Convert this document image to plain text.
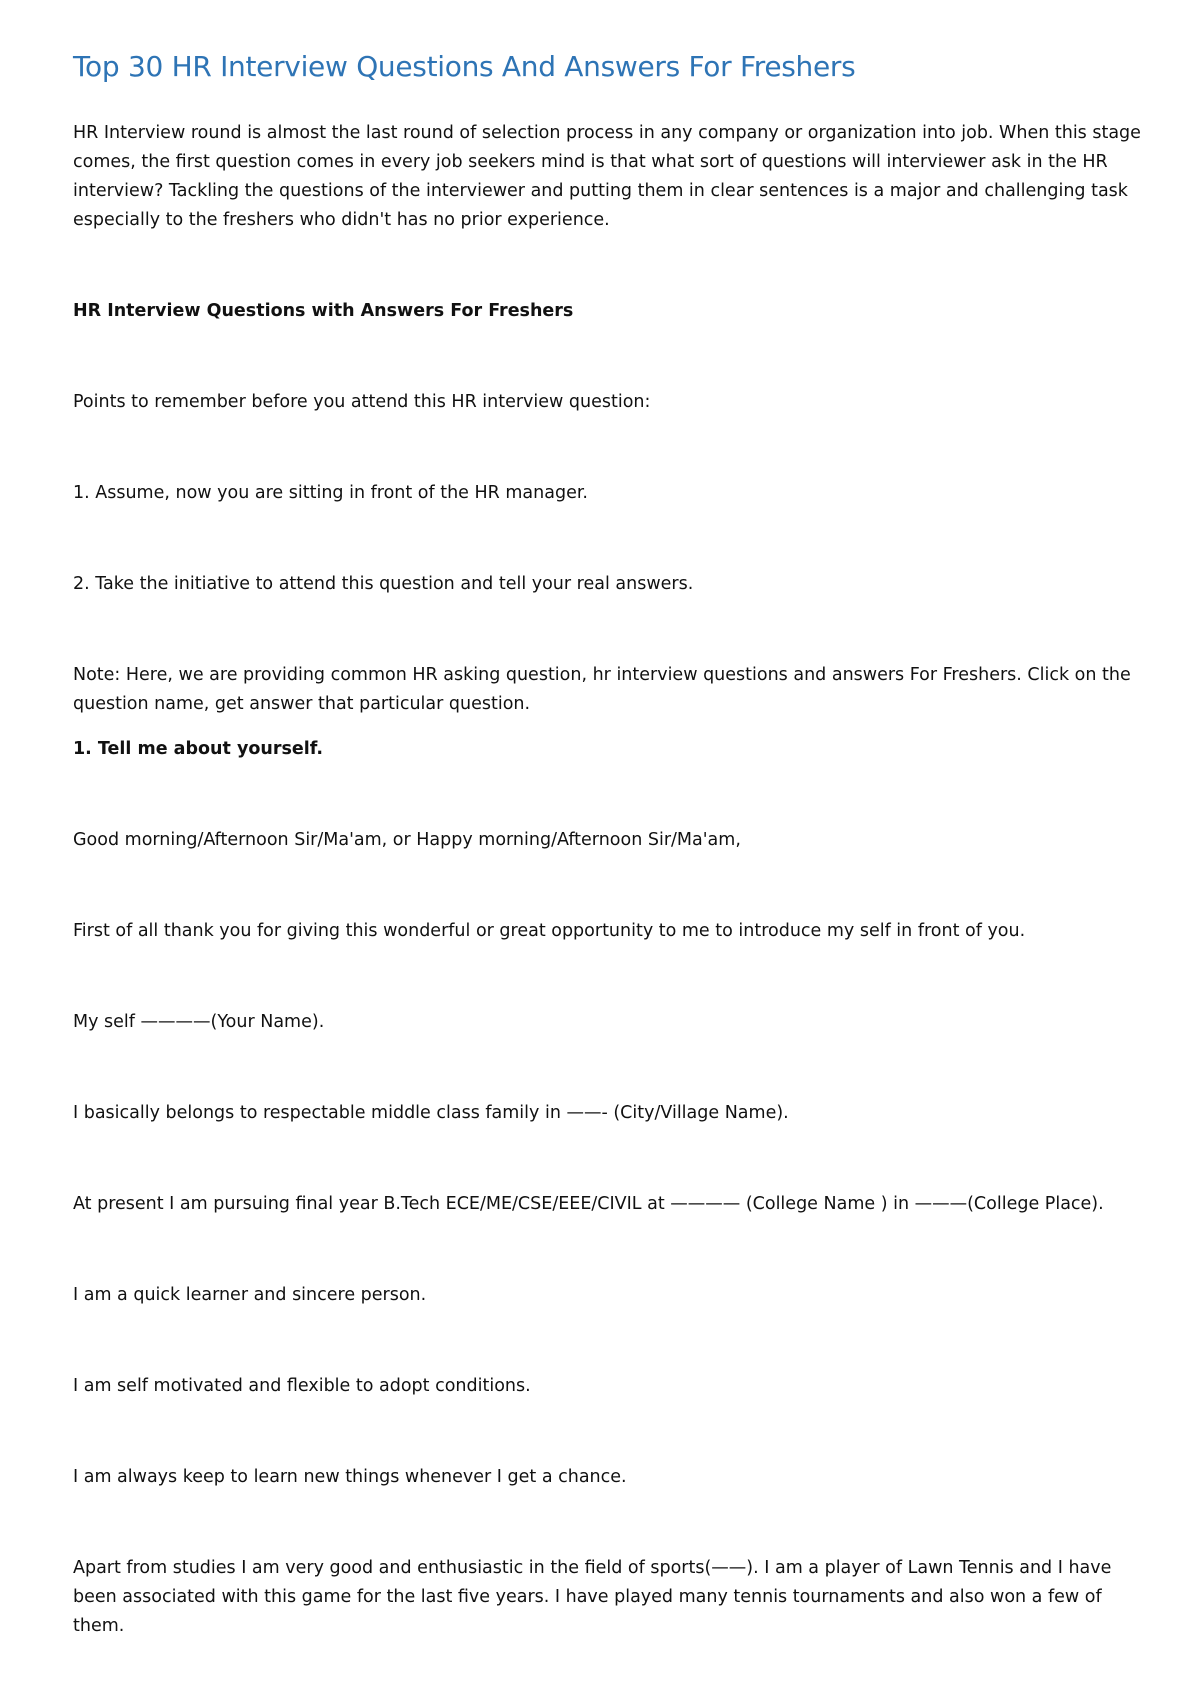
Top 30 HR Interview Questions And Answers For Freshers

HR Interview round is almost the last round of selection process in any company or organization into job. When this stage comes, the first question comes in every job seekers mind is that what sort of questions will interviewer ask in the HR interview? Tackling the questions of the interviewer and putting them in clear sentences is a major and challenging task especially to the freshers who didn't has no prior experience.

HR Interview Questions with Answers For Freshers

Points to remember before you attend this HR interview question:

1. Assume, now you are sitting in front of the HR manager.

2. Take the initiative to attend this question and tell your real answers.

Note: Here, we are providing common HR asking question, hr interview questions and answers For Freshers. Click on the question name, get answer that particular question.

1. Tell me about yourself.

Good morning/Afternoon Sir/Ma'am, or Happy morning/Afternoon Sir/Ma'am,

First of all thank you for giving this wonderful or great opportunity to me to introduce my self in front of you.

My self ————(Your Name).

I basically belongs to respectable middle class family in ——- (City/Village Name).

At present I am pursuing final year B.Tech ECE/ME/CSE/EEE/CIVIL at ———— (College Name ) in ———(College Place).

I am a quick learner and sincere person.

I am self motivated and flexible to adopt conditions.

I am always keep to learn new things whenever I get a chance.

Apart from studies I am very good and enthusiastic in the field of sports(——). I am a player of Lawn Tennis and I have been associated with this game for the last five years. I have played many tennis tournaments and also won a few of them.
